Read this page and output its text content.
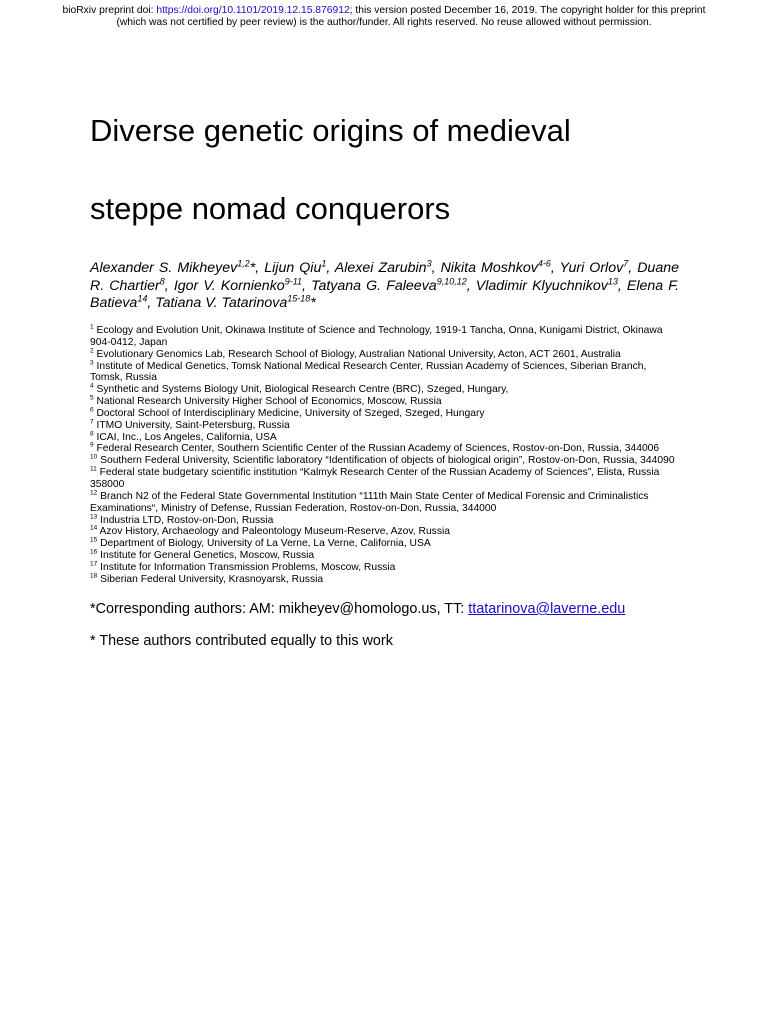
bioRxiv preprint doi: https://doi.org/10.1101/2019.12.15.876912; this version posted December 16, 2019. The copyright holder for this preprint
(which was not certified by peer review) is the author/funder. All rights reserved. No reuse allowed without permission.
Diverse genetic origins of medieval
steppe nomad conquerors

Alexander S. Mikheyev$^{1,2}$*, Lijun Qiu$^1$, Alexei Zarubin$^3$, Nikita Moshkov$^{4-6}$, Yuri Orlov$^7$, Duane R. Chartier$^8$, Igor V. Kornienko$^{9-11}$, Tatyana G. Faleeva$^{9,10,12}$, Vladimir Klyuchnikov$^{13}$, Elena F. Batieva$^{14}$, Tatiana V. Tatarinova$^{15-18}$*

$^1$ Ecology and Evolution Unit, Okinawa Institute of Science and Technology, 1919-1 Tancha, Onna, Kunigami District, Okinawa 904-0412, Japan
$^2$ Evolutionary Genomics Lab, Research School of Biology, Australian National University, Acton, ACT 2601, Australia
$^3$ Institute of Medical Genetics, Tomsk National Medical Research Center, Russian Academy of Sciences, Siberian Branch, Tomsk, Russia
$^4$ Synthetic and Systems Biology Unit, Biological Research Centre (BRC), Szeged, Hungary,
$^5$ National Research University Higher School of Economics, Moscow, Russia
$^6$ Doctoral School of Interdisciplinary Medicine, University of Szeged, Szeged, Hungary
$^7$ ITMO University, Saint-Petersburg, Russia
$^8$ ICAI, Inc., Los Angeles, California, USA
$^9$ Federal Research Center, Southern Scientific Center of the Russian Academy of Sciences, Rostov-on-Don, Russia, 344006
$^{10}$ Southern Federal University, Scientific laboratory “Identification of objects of biological origin”, Rostov-on-Don, Russia, 344090
$^{11}$ Federal state budgetary scientific institution “Kalmyk Research Center of the Russian Academy of Sciences”, Elista, Russia 358000
$^{12}$ Branch N2 of the Federal State Governmental Institution “111th Main State Center of Medical Forensic and Criminalistics Examinations“, Ministry of Defense, Russian Federation, Rostov-on-Don, Russia, 344000
$^{13}$ Industria LTD, Rostov-on-Don, Russia
$^{14}$ Azov History, Archaeology and Paleontology Museum-Reserve, Azov, Russia
$^{15}$ Department of Biology, University of La Verne, La Verne, California, USA
$^{16}$ Institute for General Genetics, Moscow, Russia
$^{17}$ Institute for Information Transmission Problems, Moscow, Russia
$^{18}$ Siberian Federal University, Krasnoyarsk, Russia
*Corresponding authors: AM: mikheyev@homologo.us, TT: ttatarinova@laverne.edu
* These authors contributed equally to this work
